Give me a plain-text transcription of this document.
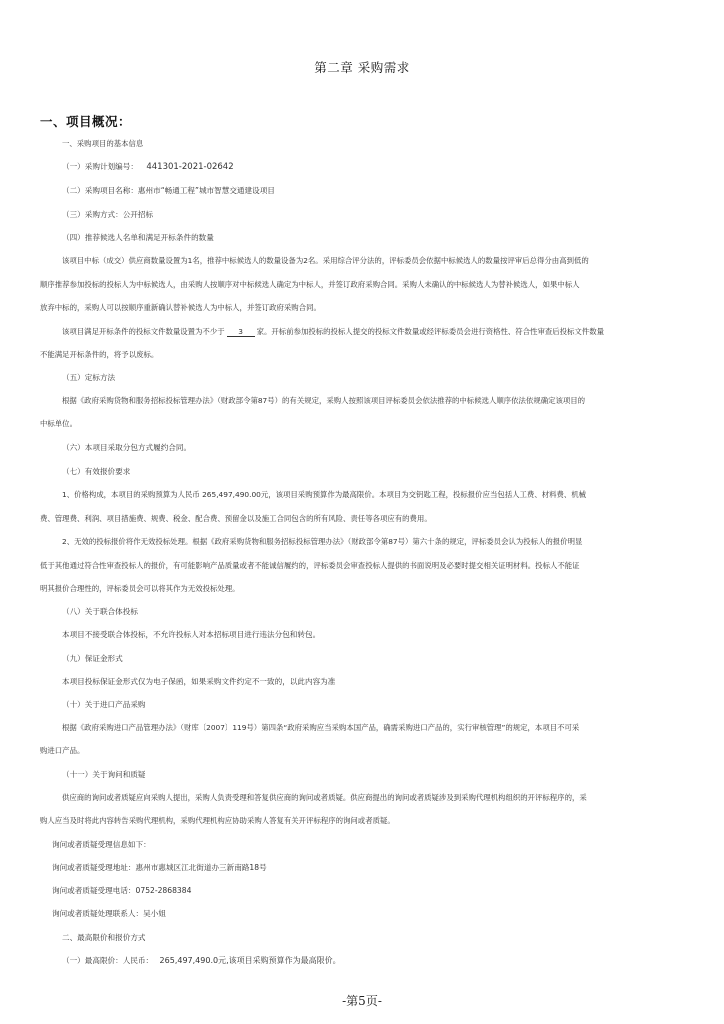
第二章 采购需求
一、项目概况：
一、采购项目的基本信息
（一）采购计划编号： 441301-2021-02642
（二）采购项目名称：惠州市“畅通工程”城市智慧交通建设项目
（三）采购方式：公开招标
（四）推荐候选人名单和满足开标条件的数量
该项目中标（成交）供应商数量设置为1名，推荐中标候选人的数量设备为2名。采用综合评分法的，评标委员会依据中标候选人的数量按评审后总得分由高到低的
顺序推荐参加投标的投标人为中标候选人，由采购人按顺序对中标候选人确定为中标人，并签订政府采购合同。采购人未确认的中标候选人为替补候选人，如果中标人
放弃中标的，采购人可以按顺序重新确认替补候选人为中标人，并签订政府采购合同。
该项目满足开标条件的投标文件数量设置为不少于 3 家。开标前参加投标的投标人提交的投标文件数量或经评标委员会进行资格性、符合性审查后投标文件数量
不能满足开标条件的，将予以废标。
（五）定标方法
根据《政府采购货物和服务招标投标管理办法》（财政部令第87号）的有关规定，采购人按照该项目评标委员会依法推荐的中标候选人顺序依法依规确定该项目的
中标单位。
（六）本项目采取分包方式履约合同。
（七）有效报价要求
1、价格构成，本项目的采购预算为人民币 265,497,490.00元，该项目采购预算作为最高限价。本项目为交钥匙工程，投标报价应当包括人工费、材料费、机械
费、管理费、利润、项目措施费、规费、税金、配合费、预留金以及施工合同包含的所有风险、责任等各项应有的费用。
2、无效的投标报价将作无效投标处理。根据《政府采购货物和服务招标投标管理办法》（财政部令第87号）第六十条的规定，评标委员会认为投标人的报价明显
低于其他通过符合性审查投标人的报价，有可能影响产品质量或者不能诚信履约的，评标委员会审查投标人提供的书面说明及必要时提交相关证明材料。投标人不能证
明其报价合理性的，评标委员会可以将其作为无效投标处理。
（八）关于联合体投标
本项目不接受联合体投标，不允许投标人对本招标项目进行违法分包和转包。
（九）保证金形式
本项目投标保证金形式仅为电子保函，如果采购文件约定不一致的，以此内容为准
（十）关于进口产品采购
根据《政府采购进口产品管理办法》（财库〔2007〕119号）第四条“政府采购应当采购本国产品，确需采购进口产品的，实行审核管理”的规定，本项目不可采
购进口产品。
（十一）关于询问和质疑
供应商的询问或者质疑应向采购人提出，采购人负责受理和答复供应商的询问或者质疑。供应商提出的询问或者质疑涉及到采购代理机构组织的开评标程序的，采
购人应当及时将此内容转告采购代理机构，采购代理机构应协助采购人答复有关开评标程序的询问或者质疑。
询问或者质疑受理信息如下：
询问或者质疑受理地址：惠州市惠城区江北街道办三新南路18号
询问或者质疑受理电话：0752-2868384
询问或者质疑处理联系人：吴小姐
二、最高限价和报价方式
（一）最高限价：人民币： 265,497,490.0元,该项目采购预算作为最高限价。
-第5页-
